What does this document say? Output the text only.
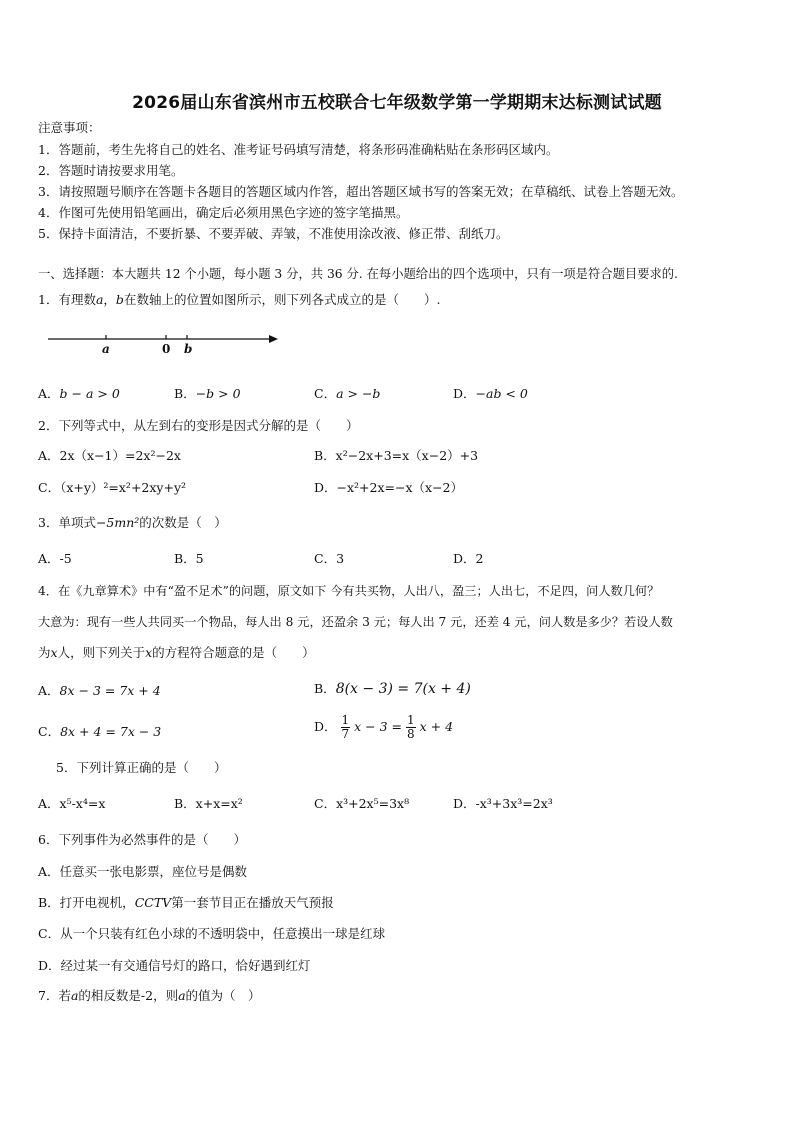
2026届山东省滨州市五校联合七年级数学第一学期期末达标测试试题
注意事项：
1．答题前，考生先将自己的姓名、准考证号码填写清楚，将条形码准确粘贴在条形码区域内。
2．答题时请按要求用笔。
3．请按照题号顺序在答题卡各题目的答题区域内作答，超出答题区域书写的答案无效；在草稿纸、试卷上答题无效。
4．作图可先使用铅笔画出，确定后必须用黑色字迹的签字笔描黑。
5．保持卡面清洁，不要折暴、不要弄破、弄皱，不准使用涂改液、修正带、刮纸刀。
一、选择题：本大题共 12 个小题，每小题 3 分，共 36 分. 在每小题给出的四个选项中，只有一项是符合题目要求的.
1．有理数a，b在数轴上的位置如图所示，则下列各式成立的是（　　）.
a	0 b
A．b − a > 0	B．−b > 0	C．a > −b	D．−ab < 0
2．下列等式中，从左到右的变形是因式分解的是（　　）
A．2x（x−1）=2x²−2x	B．x²−2x+3=x（x−2）+3
C．（x+y）²=x²+2xy+y²	D．−x²+2x=−x（x−2）
3．单项式−5mn²的次数是（　）
A．-5	B．5	C．3	D．2
4．在《九章算术》中有“盈不足术”的问题，原文如下 今有共买物，人出八，盈三；人出七，不足四，问人数几何？
大意为：现有一些人共同买一个物品，每人出 8 元，还盈余 3 元；每人出 7 元，还差 4 元，问人数是多少？若设人数
为x人，则下列关于x的方程符合题意的是（　　）
A．8x − 3 = 7x + 4	B．8(x − 3) = 7(x + 4)
C．8x + 4 = 7x − 3	D． $\frac{1}{7}$ $x - 3 = \frac{1}{8}$ x + 4
5．下列计算正确的是（　　）
A．x⁵-x⁴=x	B．x+x=x²	C．x³+2x⁵=3x⁸	D．-x³+3x³=2x³
6．下列事件为必然事件的是（　　）
A．任意买一张电影票，座位号是偶数
B．打开电视机，CCTV第一套节目正在播放天气预报
C．从一个只装有红色小球的不透明袋中，任意摸出一球是红球
D．经过某一有交通信号灯的路口，恰好遇到红灯
7．若a的相反数是-2，则a的值为（　）
